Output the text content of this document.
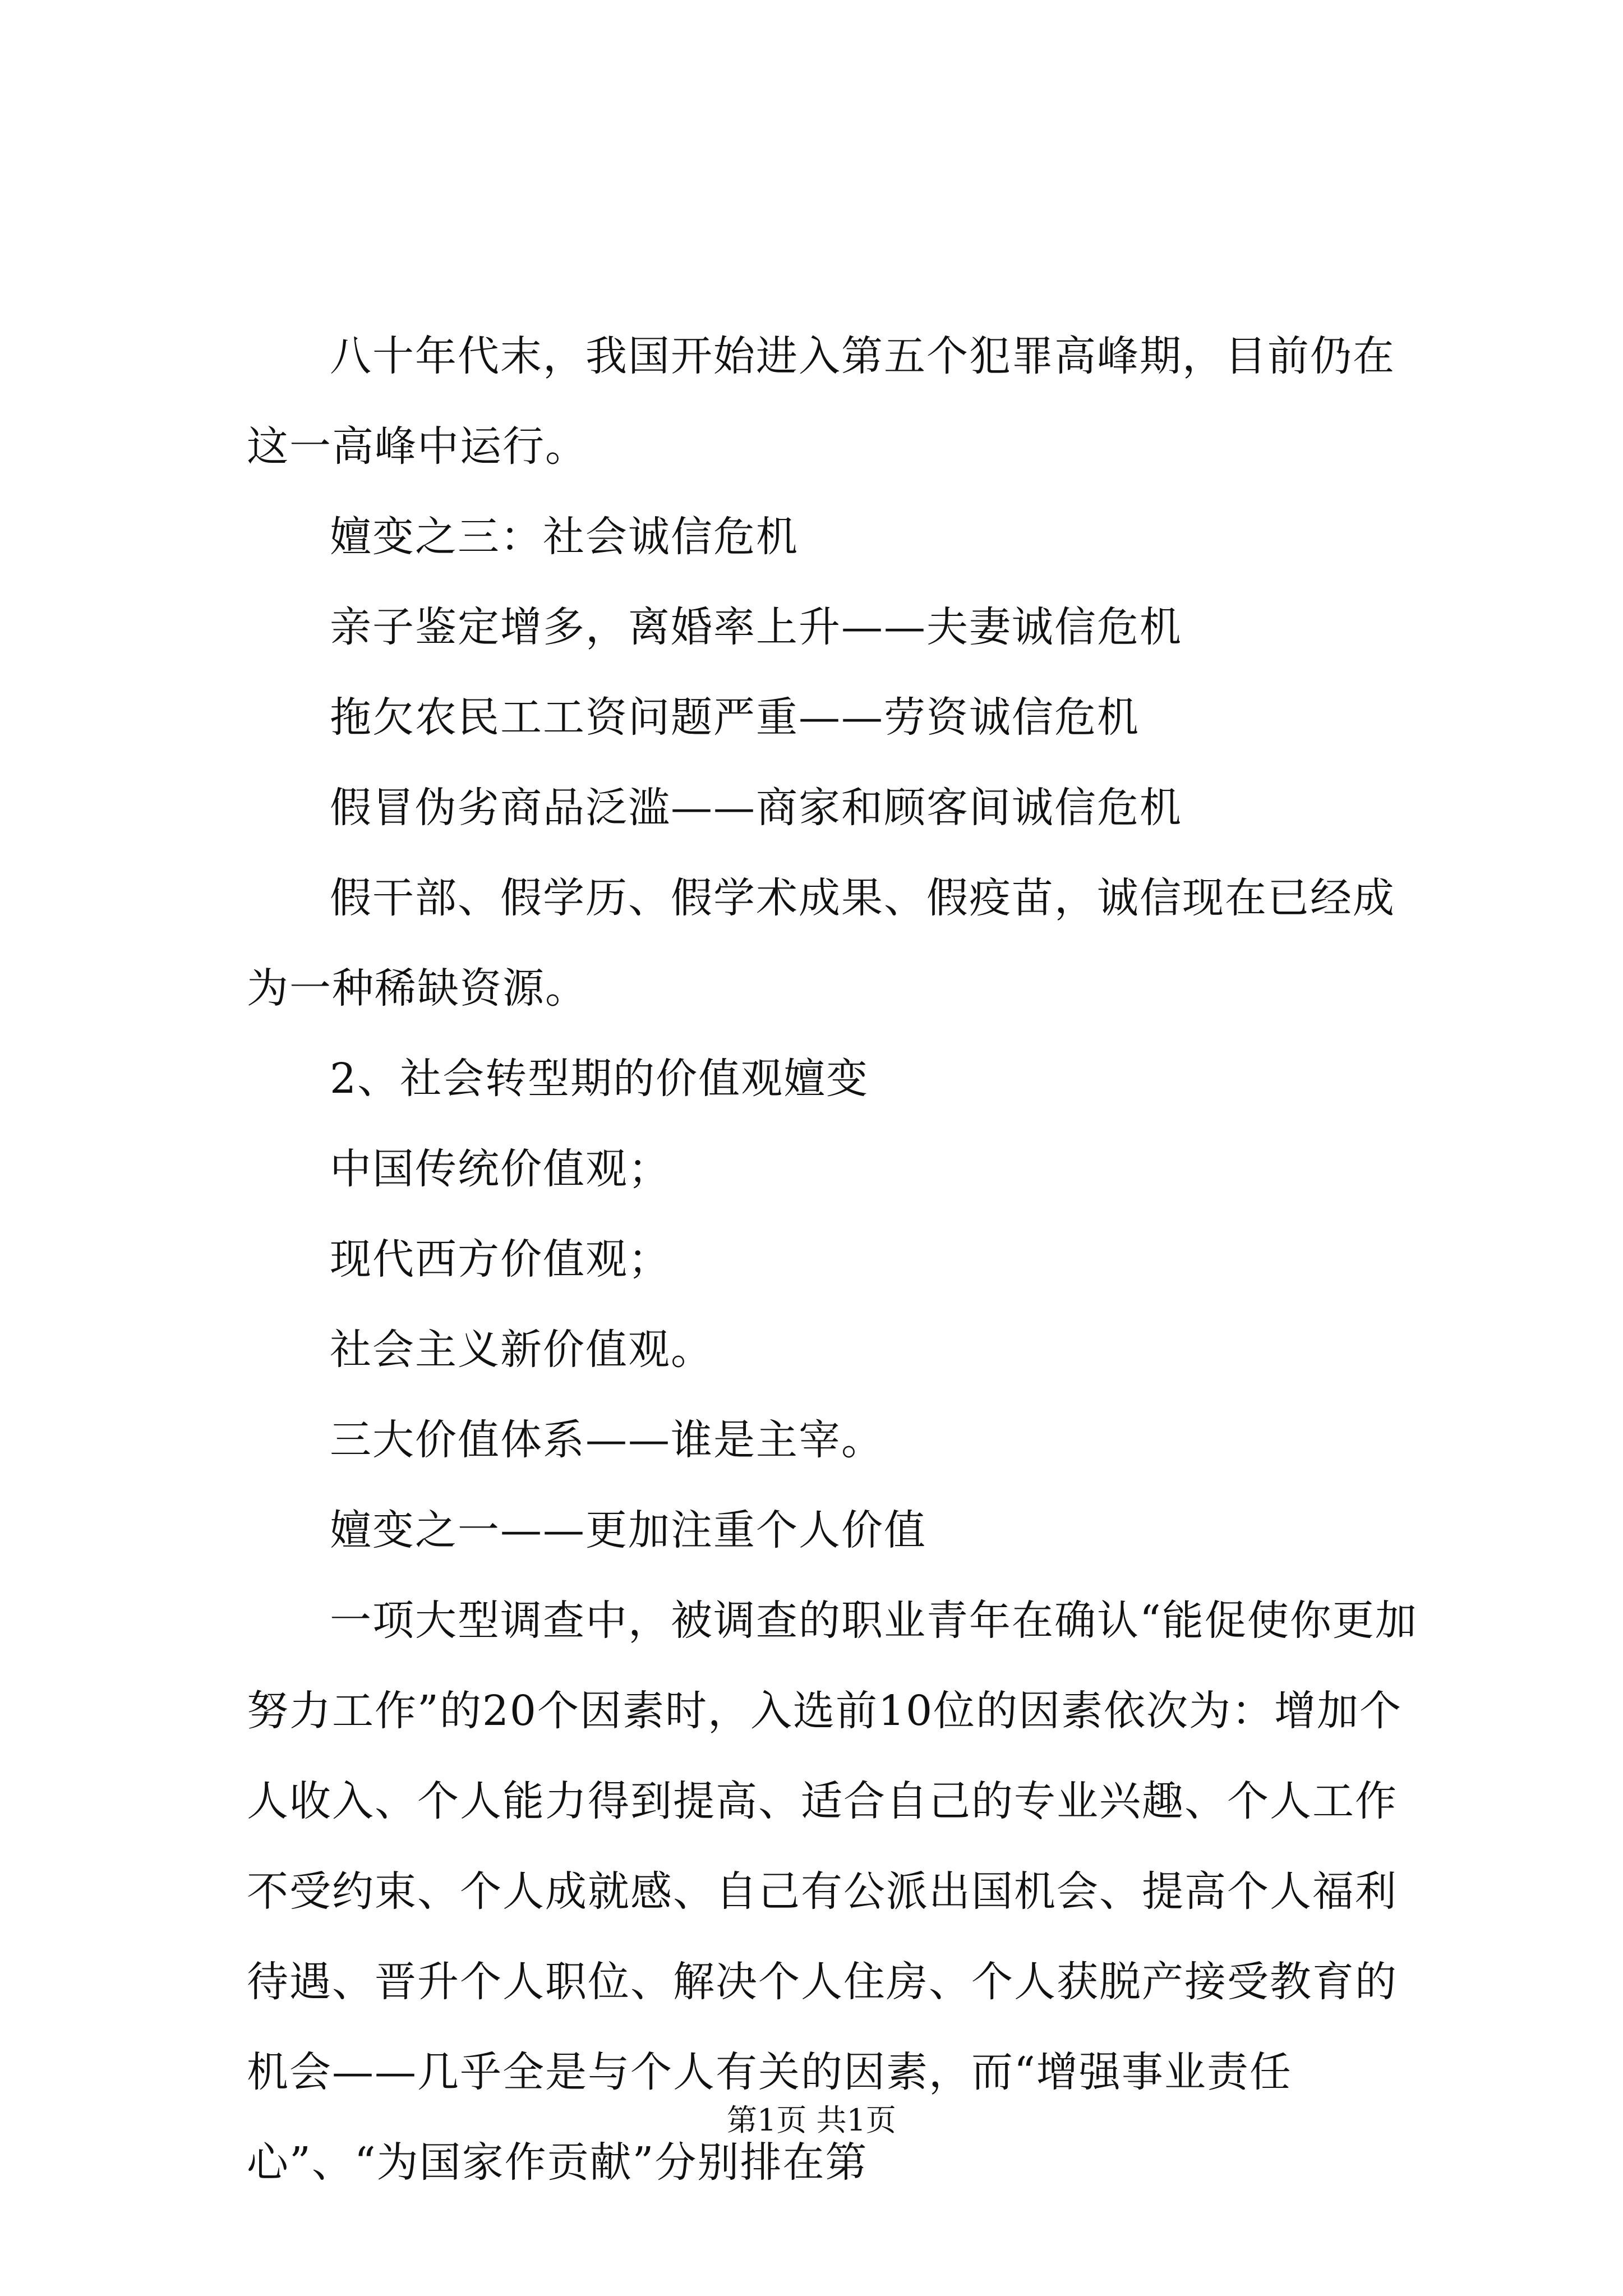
八十年代末，我国开始进入第五个犯罪高峰期，目前仍在这一高峰中运行。

嬗变之三：社会诚信危机

亲子鉴定增多，离婚率上升——夫妻诚信危机

拖欠农民工工资问题严重——劳资诚信危机

假冒伪劣商品泛滥——商家和顾客间诚信危机

假干部、假学历、假学术成果、假疫苗，诚信现在已经成为一种稀缺资源。

2、社会转型期的价值观嬗变

中国传统价值观；

现代西方价值观；

社会主义新价值观。

三大价值体系——谁是主宰。

嬗变之一——更加注重个人价值

一项大型调查中，被调查的职业青年在确认“能促使你更加努力工作”的20个因素时，入选前10位的因素依次为：增加个人收入、个人能力得到提高、适合自己的专业兴趣、个人工作不受约束、个人成就感、自己有公派出国机会、提高个人福利待遇、晋升个人职位、解决个人住房、个人获脱产接受教育的机会——几乎全是与个人有关的因素，而“增强事业责任心”、“为国家作贡献”分别排在第

第1页 共1页
